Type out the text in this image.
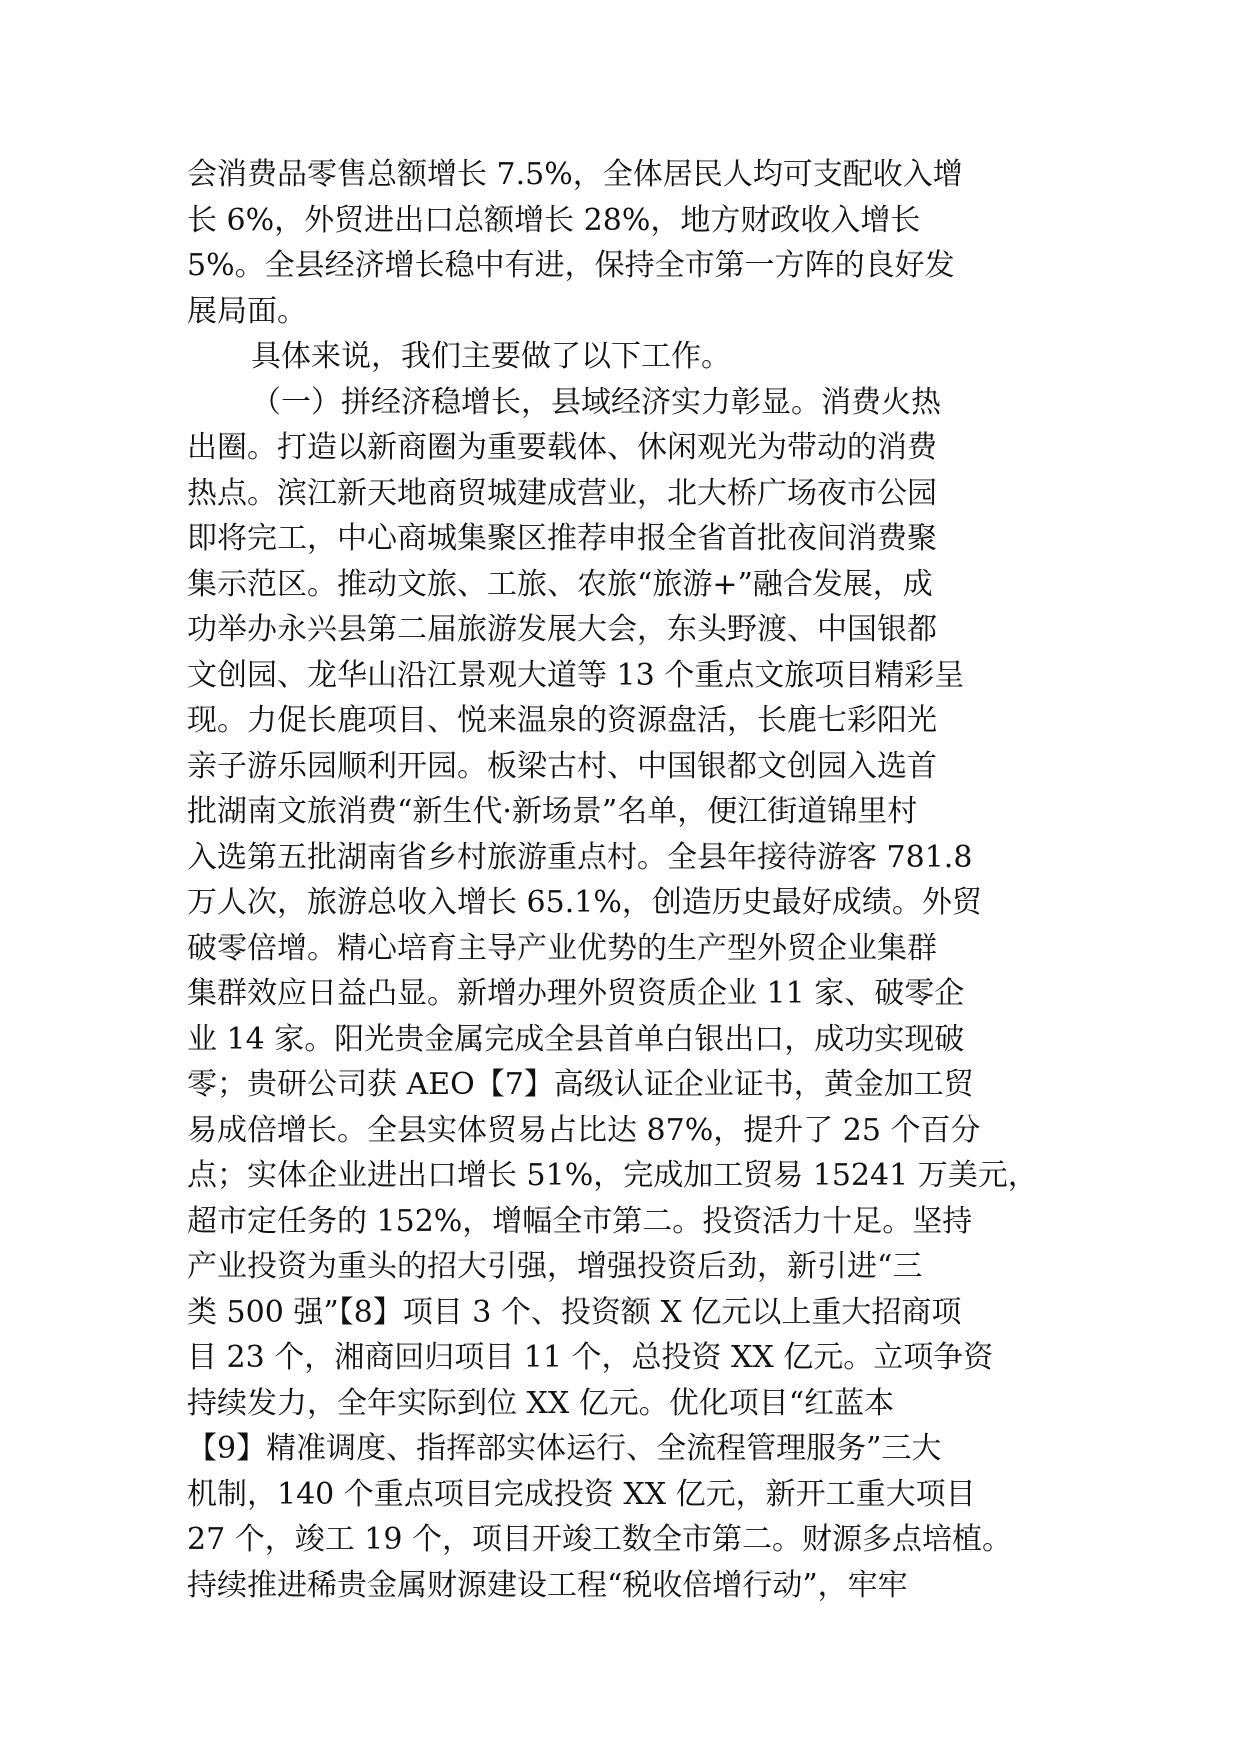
会消费品零售总额增长 7.5%，全体居民人均可支配收入增
长 6%，外贸进出口总额增长 28%，地方财政收入增长
5%。全县经济增长稳中有进，保持全市第一方阵的良好发
展局面。
具体来说，我们主要做了以下工作。
（一）拼经济稳增长，县域经济实力彰显。消费火热
出圈。打造以新商圈为重要载体、休闲观光为带动的消费
热点。滨江新天地商贸城建成营业，北大桥广场夜市公园
即将完工，中心商城集聚区推荐申报全省首批夜间消费聚
集示范区。推动文旅、工旅、农旅“旅游+”融合发展，成
功举办永兴县第二届旅游发展大会，东头野渡、中国银都
文创园、龙华山沿江景观大道等 13 个重点文旅项目精彩呈
现。力促长鹿项目、悦来温泉的资源盘活，长鹿七彩阳光
亲子游乐园顺利开园。板梁古村、中国银都文创园入选首
批湖南文旅消费“新生代·新场景”名单，便江街道锦里村
入选第五批湖南省乡村旅游重点村。全县年接待游客 781.8
万人次，旅游总收入增长 65.1%，创造历史最好成绩。外贸
破零倍增。精心培育主导产业优势的生产型外贸企业集群
集群效应日益凸显。新增办理外贸资质企业 11 家、破零企
业 14 家。阳光贵金属完成全县首单白银出口，成功实现破
零；贵研公司获 AEO【7】高级认证企业证书，黄金加工贸
易成倍增长。全县实体贸易占比达 87%，提升了 25 个百分
点；实体企业进出口增长 51%，完成加工贸易 15241 万美元，
超市定任务的 152%，增幅全市第二。投资活力十足。坚持
产业投资为重头的招大引强，增强投资后劲，新引进“三
类 500 强”【8】项目 3 个、投资额 X 亿元以上重大招商项
目 23 个，湘商回归项目 11 个，总投资 XX 亿元。立项争资
持续发力，全年实际到位 XX 亿元。优化项目“红蓝本
【9】精准调度、指挥部实体运行、全流程管理服务”三大
机制，140 个重点项目完成投资 XX 亿元，新开工重大项目
27 个，竣工 19 个，项目开竣工数全市第二。财源多点培植。
持续推进稀贵金属财源建设工程“税收倍增行动”，牢牢
